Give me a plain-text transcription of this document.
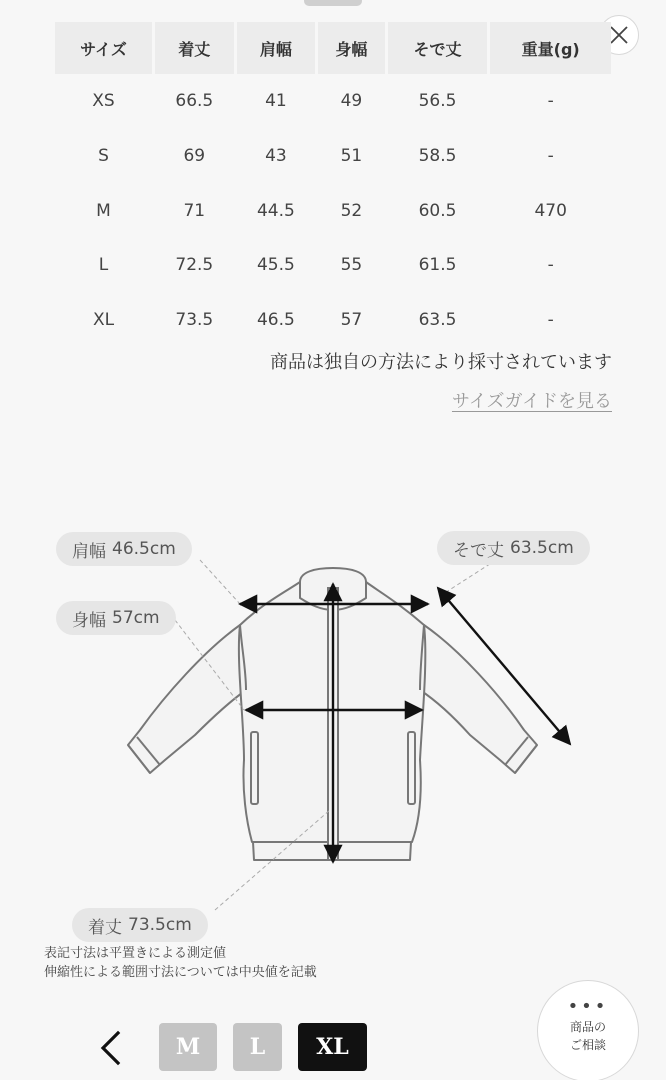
サイズ	着丈	肩幅	身幅	そで丈	重量(g)
XS	66.5	41	49	56.5	-
S	69	43	51	58.5	-
M	71	44.5	52	60.5	470
L	72.5	45.5	55	61.5	-
XL	73.5	46.5	57	63.5	-
商品は独自の方法により採寸されています
サイズガイドを見る
肩幅 46.5cm
身幅 57cm
そで丈 63.5cm
着丈 73.5cm
表記寸法は平置きによる測定値
伸縮性による範囲寸法については中央値を記載
M	L	XL
•••
商品の
ご相談
